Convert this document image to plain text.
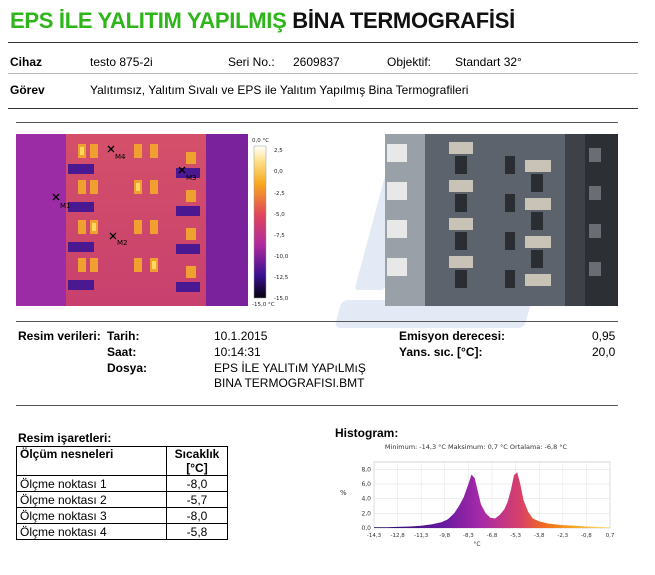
EPS İLE YALITIM YAPILMIŞ BİNA TERMOGRAFİSİ
Cihaz	testo 875-2i	Seri No.: 2609837	Objektif: Standart 32°
Görev	Yalıtımsız, Yalıtım Sıvalı ve EPS ile Yalıtım Yapılmış Bina Termografileri
M1
M2
M3
M4
0,0 °C
2,5
0,0
-2,5
-5,0
-7,5
-10,0
-12,5
-15,0
-15,0 °C
Resim verileri: Tarih:	10.1.2015
Saat:	10:14:31
Dosya:	EPS İLE YALITıM YAPıLMıŞ
BINA TERMOGRAFISI.BMT
Emisyon derecesi:	0,95
Yans. sıc. [°C]:	20,0
Resim işaretleri:
Ölçüm nesneleri	Sıcaklık
[°C]

Ölçme noktası 1	-8,0
Ölçme noktası 2	-5,7
Ölçme noktası 3	-8,0
Ölçme noktası 4	-5,8
Histogram:
Minimum: -14,3 °C Maksimum: 0,7 °C Ortalama: -6,8 °C
0,0
2,0
4,0
6,0
8,0
-14,3 -12,8 -11,3 -9,8 -8,3 -6,8 -5,3 -3,8 -2,3 -0,8	0,7
%
°C
